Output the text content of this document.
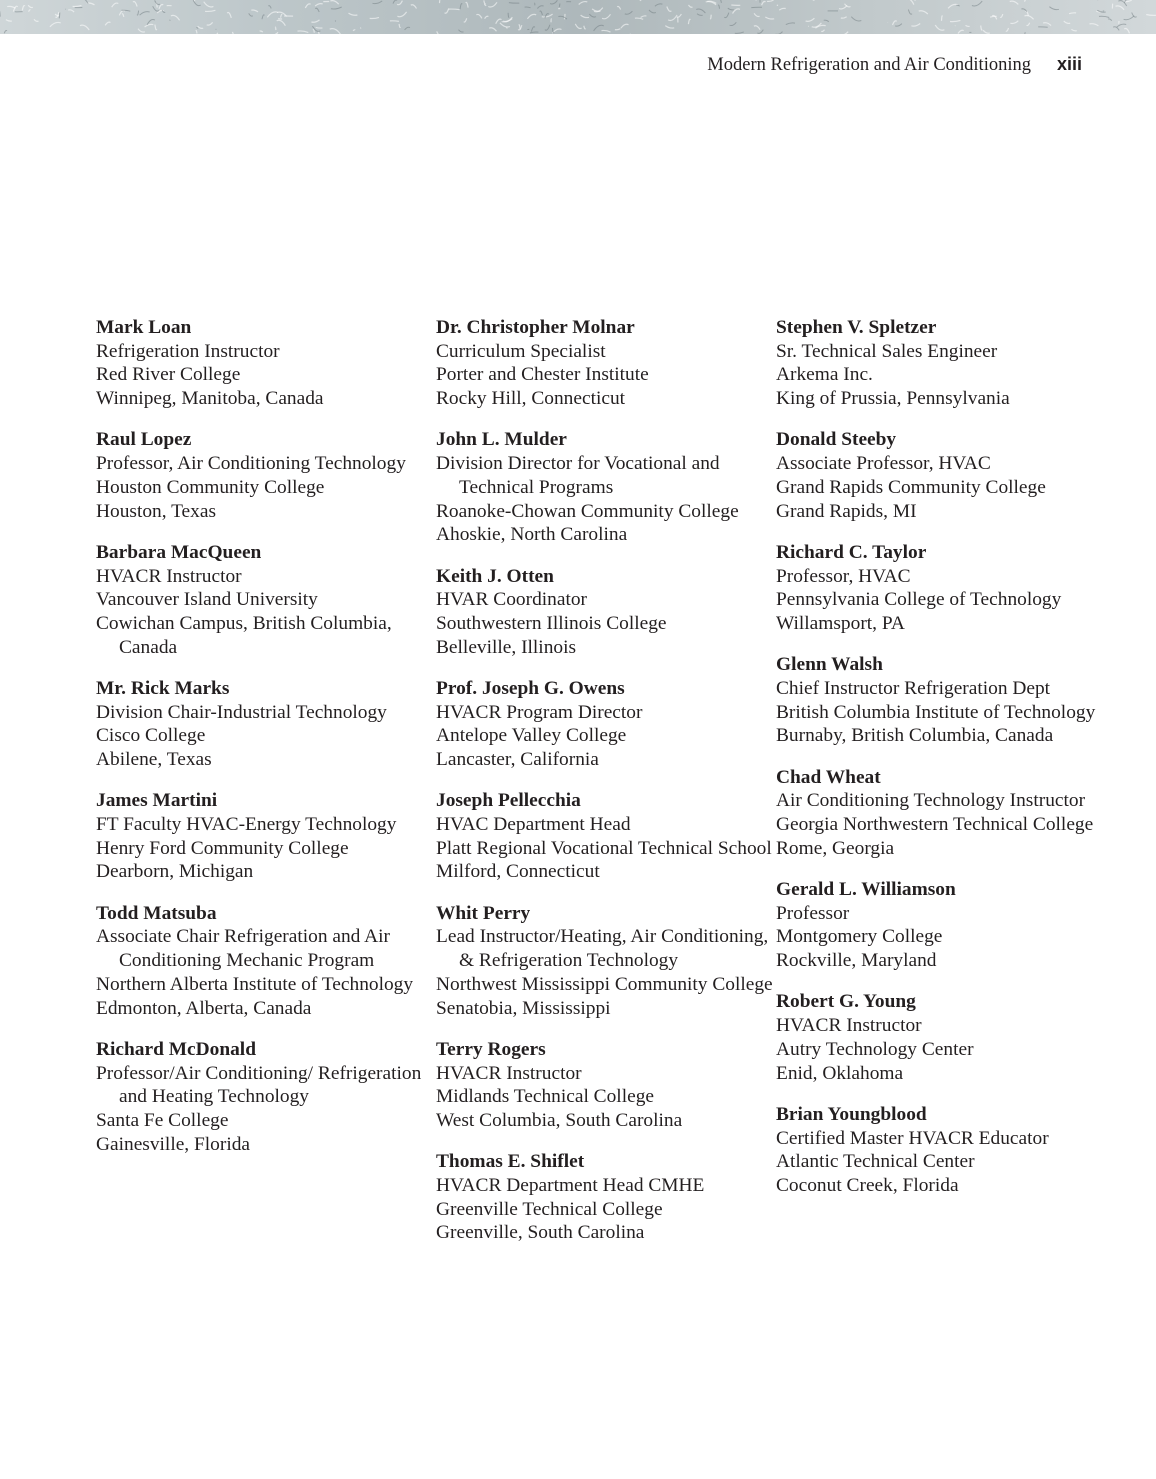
Modern Refrigeration and Air Conditioning xiii
Mark Loan
Refrigeration Instructor
Red River College
Winnipeg, Manitoba, Canada
Raul Lopez
Professor, Air Conditioning Technology
Houston Community College
Houston, Texas
Barbara MacQueen
HVACR Instructor
Vancouver Island University
Cowichan Campus, British Columbia, Canada
Mr. Rick Marks
Division Chair-Industrial Technology
Cisco College
Abilene, Texas
James Martini
FT Faculty HVAC-Energy Technology
Henry Ford Community College
Dearborn, Michigan
Todd Matsuba
Associate Chair Refrigeration and Air Conditioning Mechanic Program
Northern Alberta Institute of Technology
Edmonton, Alberta, Canada
Richard McDonald
Professor/Air Conditioning/ Refrigeration and Heating Technology
Santa Fe College
Gainesville, Florida
Dr. Christopher Molnar
Curriculum Specialist
Porter and Chester Institute
Rocky Hill, Connecticut
John L. Mulder
Division Director for Vocational and Technical Programs
Roanoke-Chowan Community College
Ahoskie, North Carolina
Keith J. Otten
HVAR Coordinator
Southwestern Illinois College
Belleville, Illinois
Prof. Joseph G. Owens
HVACR Program Director
Antelope Valley College
Lancaster, California
Joseph Pellecchia
HVAC Department Head
Platt Regional Vocational Technical School
Milford, Connecticut
Whit Perry
Lead Instructor/Heating, Air Conditioning, & Refrigeration Technology
Northwest Mississippi Community College
Senatobia, Mississippi
Terry Rogers
HVACR Instructor
Midlands Technical College
West Columbia, South Carolina
Thomas E. Shiflet
HVACR Department Head CMHE
Greenville Technical College
Greenville, South Carolina
Stephen V. Spletzer
Sr. Technical Sales Engineer
Arkema Inc.
King of Prussia, Pennsylvania
Donald Steeby
Associate Professor, HVAC
Grand Rapids Community College
Grand Rapids, MI
Richard C. Taylor
Professor, HVAC
Pennsylvania College of Technology
Willamsport, PA
Glenn Walsh
Chief Instructor Refrigeration Dept
British Columbia Institute of Technology
Burnaby, British Columbia, Canada
Chad Wheat
Air Conditioning Technology Instructor
Georgia Northwestern Technical College
Rome, Georgia
Gerald L. Williamson
Professor
Montgomery College
Rockville, Maryland
Robert G. Young
HVACR Instructor
Autry Technology Center
Enid, Oklahoma
Brian Youngblood
Certified Master HVACR Educator
Atlantic Technical Center
Coconut Creek, Florida
